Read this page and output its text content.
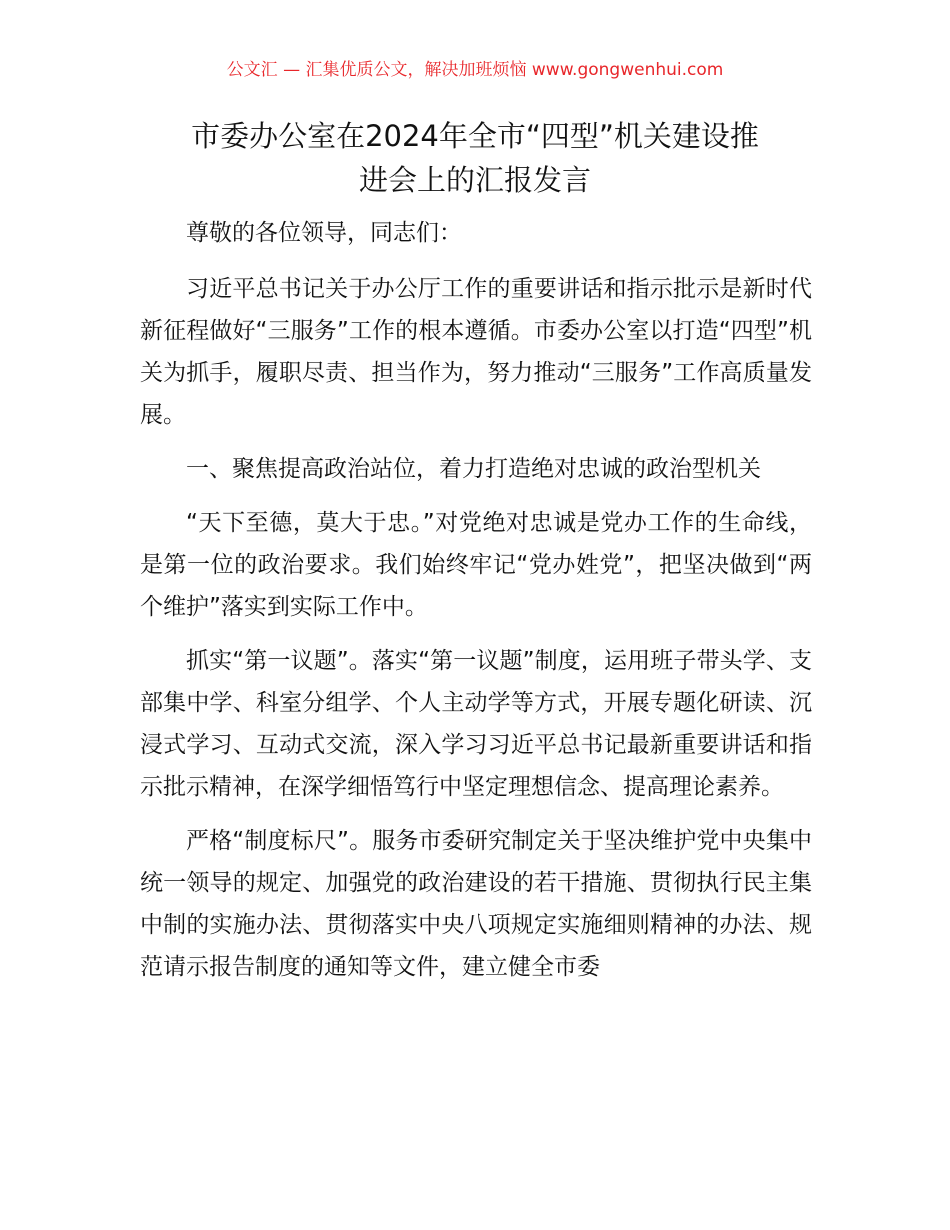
公文汇 — 汇集优质公文，解决加班烦恼 www.gongwenhui.com
市委办公室在2024年全市“四型”机关建设推
进会上的汇报发言

尊敬的各位领导，同志们：

习近平总书记关于办公厅工作的重要讲话和指示批示是新时代新征程做好“三服务”工作的根本遵循。市委办公室以打造“四型”机关为抓手，履职尽责、担当作为，努力推动“三服务”工作高质量发展。

一、聚焦提高政治站位，着力打造绝对忠诚的政治型机关

“天下至德，莫大于忠。”对党绝对忠诚是党办工作的生命线，是第一位的政治要求。我们始终牢记“党办姓党”，把坚决做到“两个维护”落实到实际工作中。

抓实“第一议题”。落实“第一议题”制度，运用班子带头学、支部集中学、科室分组学、个人主动学等方式，开展专题化研读、沉浸式学习、互动式交流，深入学习习近平总书记最新重要讲话和指示批示精神，在深学细悟笃行中坚定理想信念、提高理论素养。

严格“制度标尺”。服务市委研究制定关于坚决维护党中央集中统一领导的规定、加强党的政治建设的若干措施、贯彻执行民主集中制的实施办法、贯彻落实中央八项规定实施细则精神的办法、规范请示报告制度的通知等文件，建立健全市委
